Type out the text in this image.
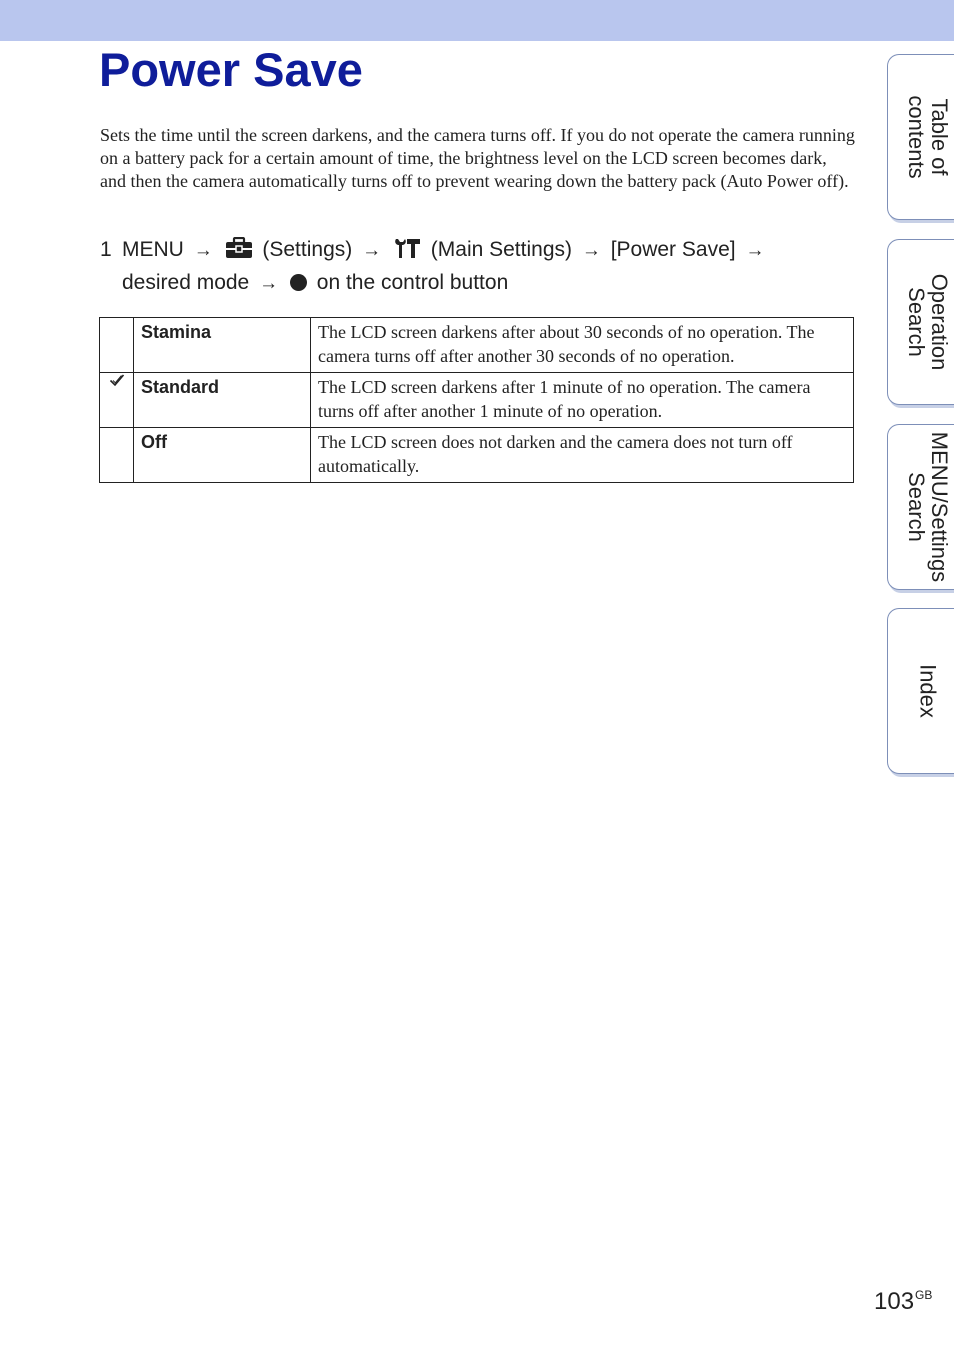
Power Save

Sets the time until the screen darkens, and the camera turns off. If you do not operate the camera running on a battery pack for a certain amount of time, the brightness level on the LCD screen becomes dark, and then the camera automatically turns off to prevent wearing down the battery pack (Auto Power off).

1 MENU → (Settings) → (Main Settings) → [Power Save] →
desired mode → on the control button
	Stamina	The LCD screen darkens after about 30 seconds of no operation. The camera turns off after another 30 seconds of no operation.
	Standard	The LCD screen darkens after 1 minute of no operation. The camera turns off after another 1 minute of no operation.
	Off	The LCD screen does not darken and the camera does not turn off automatically.
Table of
contents
Operation
Search
MENU/Settings
Search
Index
$103^{GB}$
